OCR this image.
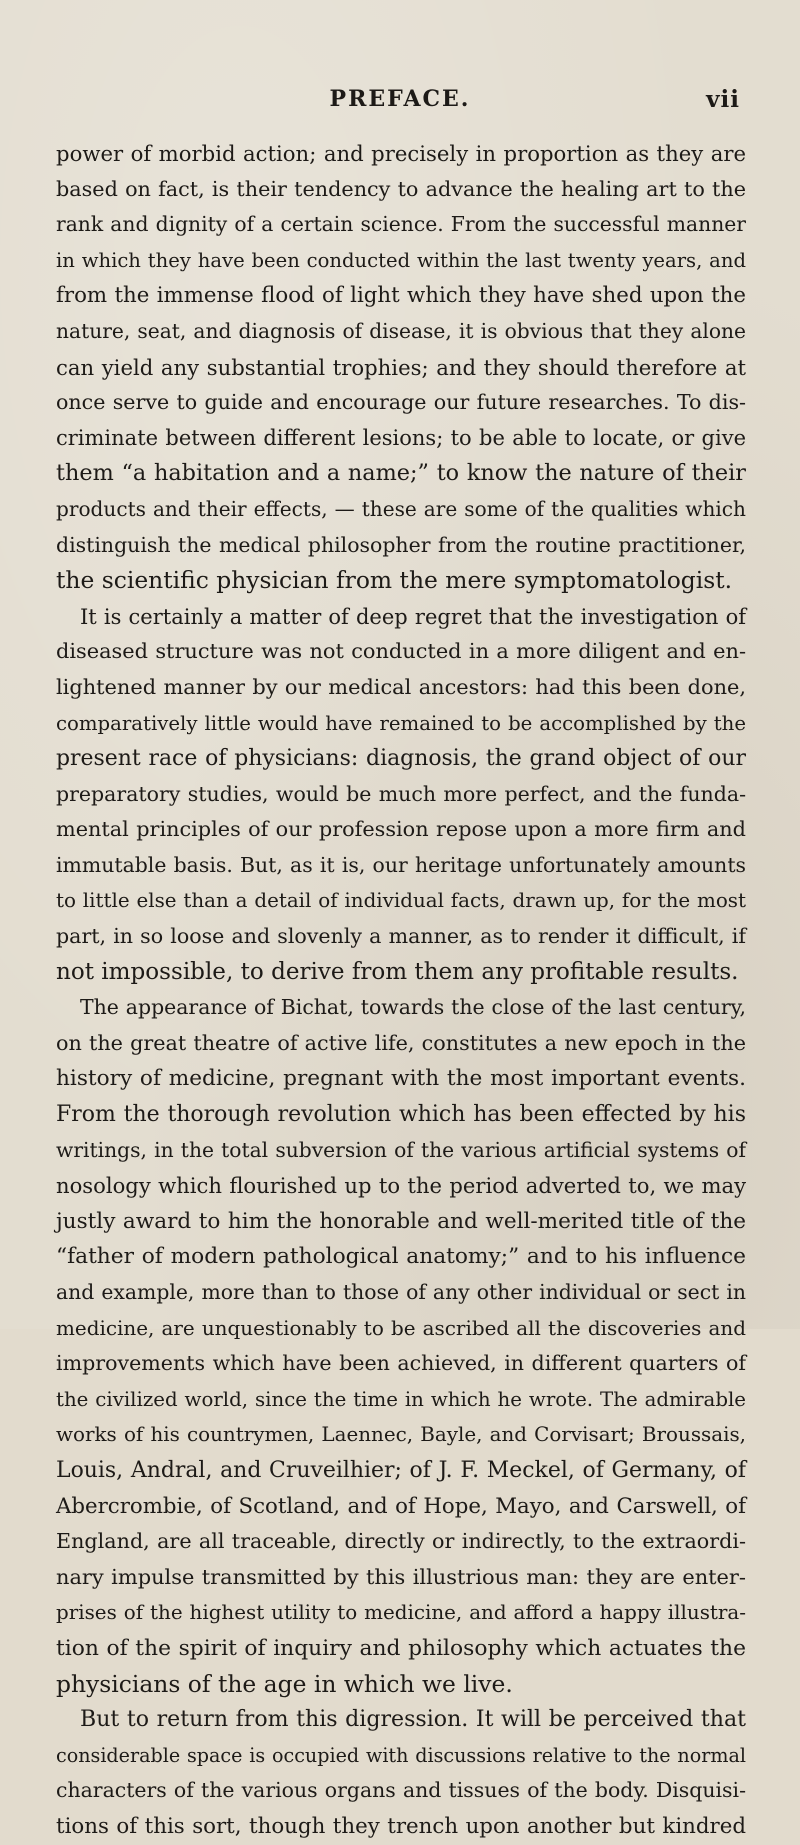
PREFACE.	vii
power of morbid action; and precisely in proportion as they are
based on fact, is their tendency to advance the healing art to the
rank and dignity of a certain science. From the successful manner
in which they have been conducted within the last twenty years, and
from the immense flood of light which they have shed upon the
nature, seat, and diagnosis of disease, it is obvious that they alone
can yield any substantial trophies; and they should therefore at
once serve to guide and encourage our future researches. To dis-
criminate between different lesions; to be able to locate, or give
them “a habitation and a name;” to know the nature of their
products and their effects, — these are some of the qualities which
distinguish the medical philosopher from the routine practitioner,
the scientific physician from the mere symptomatologist.
It is certainly a matter of deep regret that the investigation of
diseased structure was not conducted in a more diligent and en-
lightened manner by our medical ancestors: had this been done,
comparatively little would have remained to be accomplished by the
present race of physicians: diagnosis, the grand object of our
preparatory studies, would be much more perfect, and the funda-
mental principles of our profession repose upon a more firm and
immutable basis. But, as it is, our heritage unfortunately amounts
to little else than a detail of individual facts, drawn up, for the most
part, in so loose and slovenly a manner, as to render it difficult, if
not impossible, to derive from them any profitable results.
The appearance of Bichat, towards the close of the last century,
on the great theatre of active life, constitutes a new epoch in the
history of medicine, pregnant with the most important events.
From the thorough revolution which has been effected by his
writings, in the total subversion of the various artificial systems of
nosology which flourished up to the period adverted to, we may
justly award to him the honorable and well-merited title of the
“father of modern pathological anatomy;” and to his influence
and example, more than to those of any other individual or sect in
medicine, are unquestionably to be ascribed all the discoveries and
improvements which have been achieved, in different quarters of
the civilized world, since the time in which he wrote. The admirable
works of his countrymen, Laennec, Bayle, and Corvisart; Broussais,
Louis, Andral, and Cruveilhier; of J. F. Meckel, of Germany, of
Abercrombie, of Scotland, and of Hope, Mayo, and Carswell, of
England, are all traceable, directly or indirectly, to the extraordi-
nary impulse transmitted by this illustrious man: they are enter-
prises of the highest utility to medicine, and afford a happy illustra-
tion of the spirit of inquiry and philosophy which actuates the
physicians of the age in which we live.
But to return from this digression. It will be perceived that
considerable space is occupied with discussions relative to the normal
characters of the various organs and tissues of the body. Disquisi-
tions of this sort, though they trench upon another but kindred
